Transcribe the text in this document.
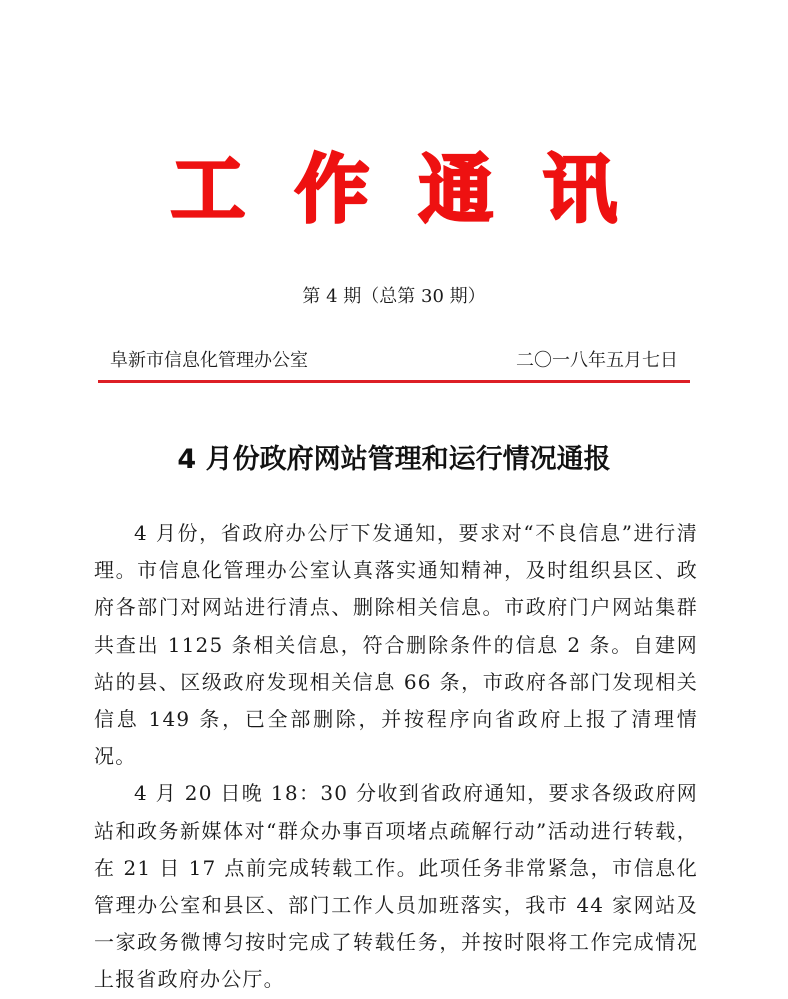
工 作 通 讯
第 4 期（总第 30 期）
阜新市信息化管理办公室	二〇一八年五月七日
4 月份政府网站管理和运行情况通报

4 月份，省政府办公厅下发通知，要求对“不良信息”进行清理。市信息化管理办公室认真落实通知精神，及时组织县区、政府各部门对网站进行清点、删除相关信息。市政府门户网站集群共查出 1125 条相关信息，符合删除条件的信息 2 条。自建网站的县、区级政府发现相关信息 66 条，市政府各部门发现相关信息 149 条，已全部删除，并按程序向省政府上报了清理情况。

4 月 20 日晚 18：30 分收到省政府通知，要求各级政府网站和政务新媒体对“群众办事百项堵点疏解行动”活动进行转载， 在 21 日 17 点前完成转载工作。此项任务非常紧急，市信息化管理办公室和县区、部门工作人员加班落实，我市 44 家网站及一家政务微博匀按时完成了转载任务，并按时限将工作完成情况上报省政府办公厅。
